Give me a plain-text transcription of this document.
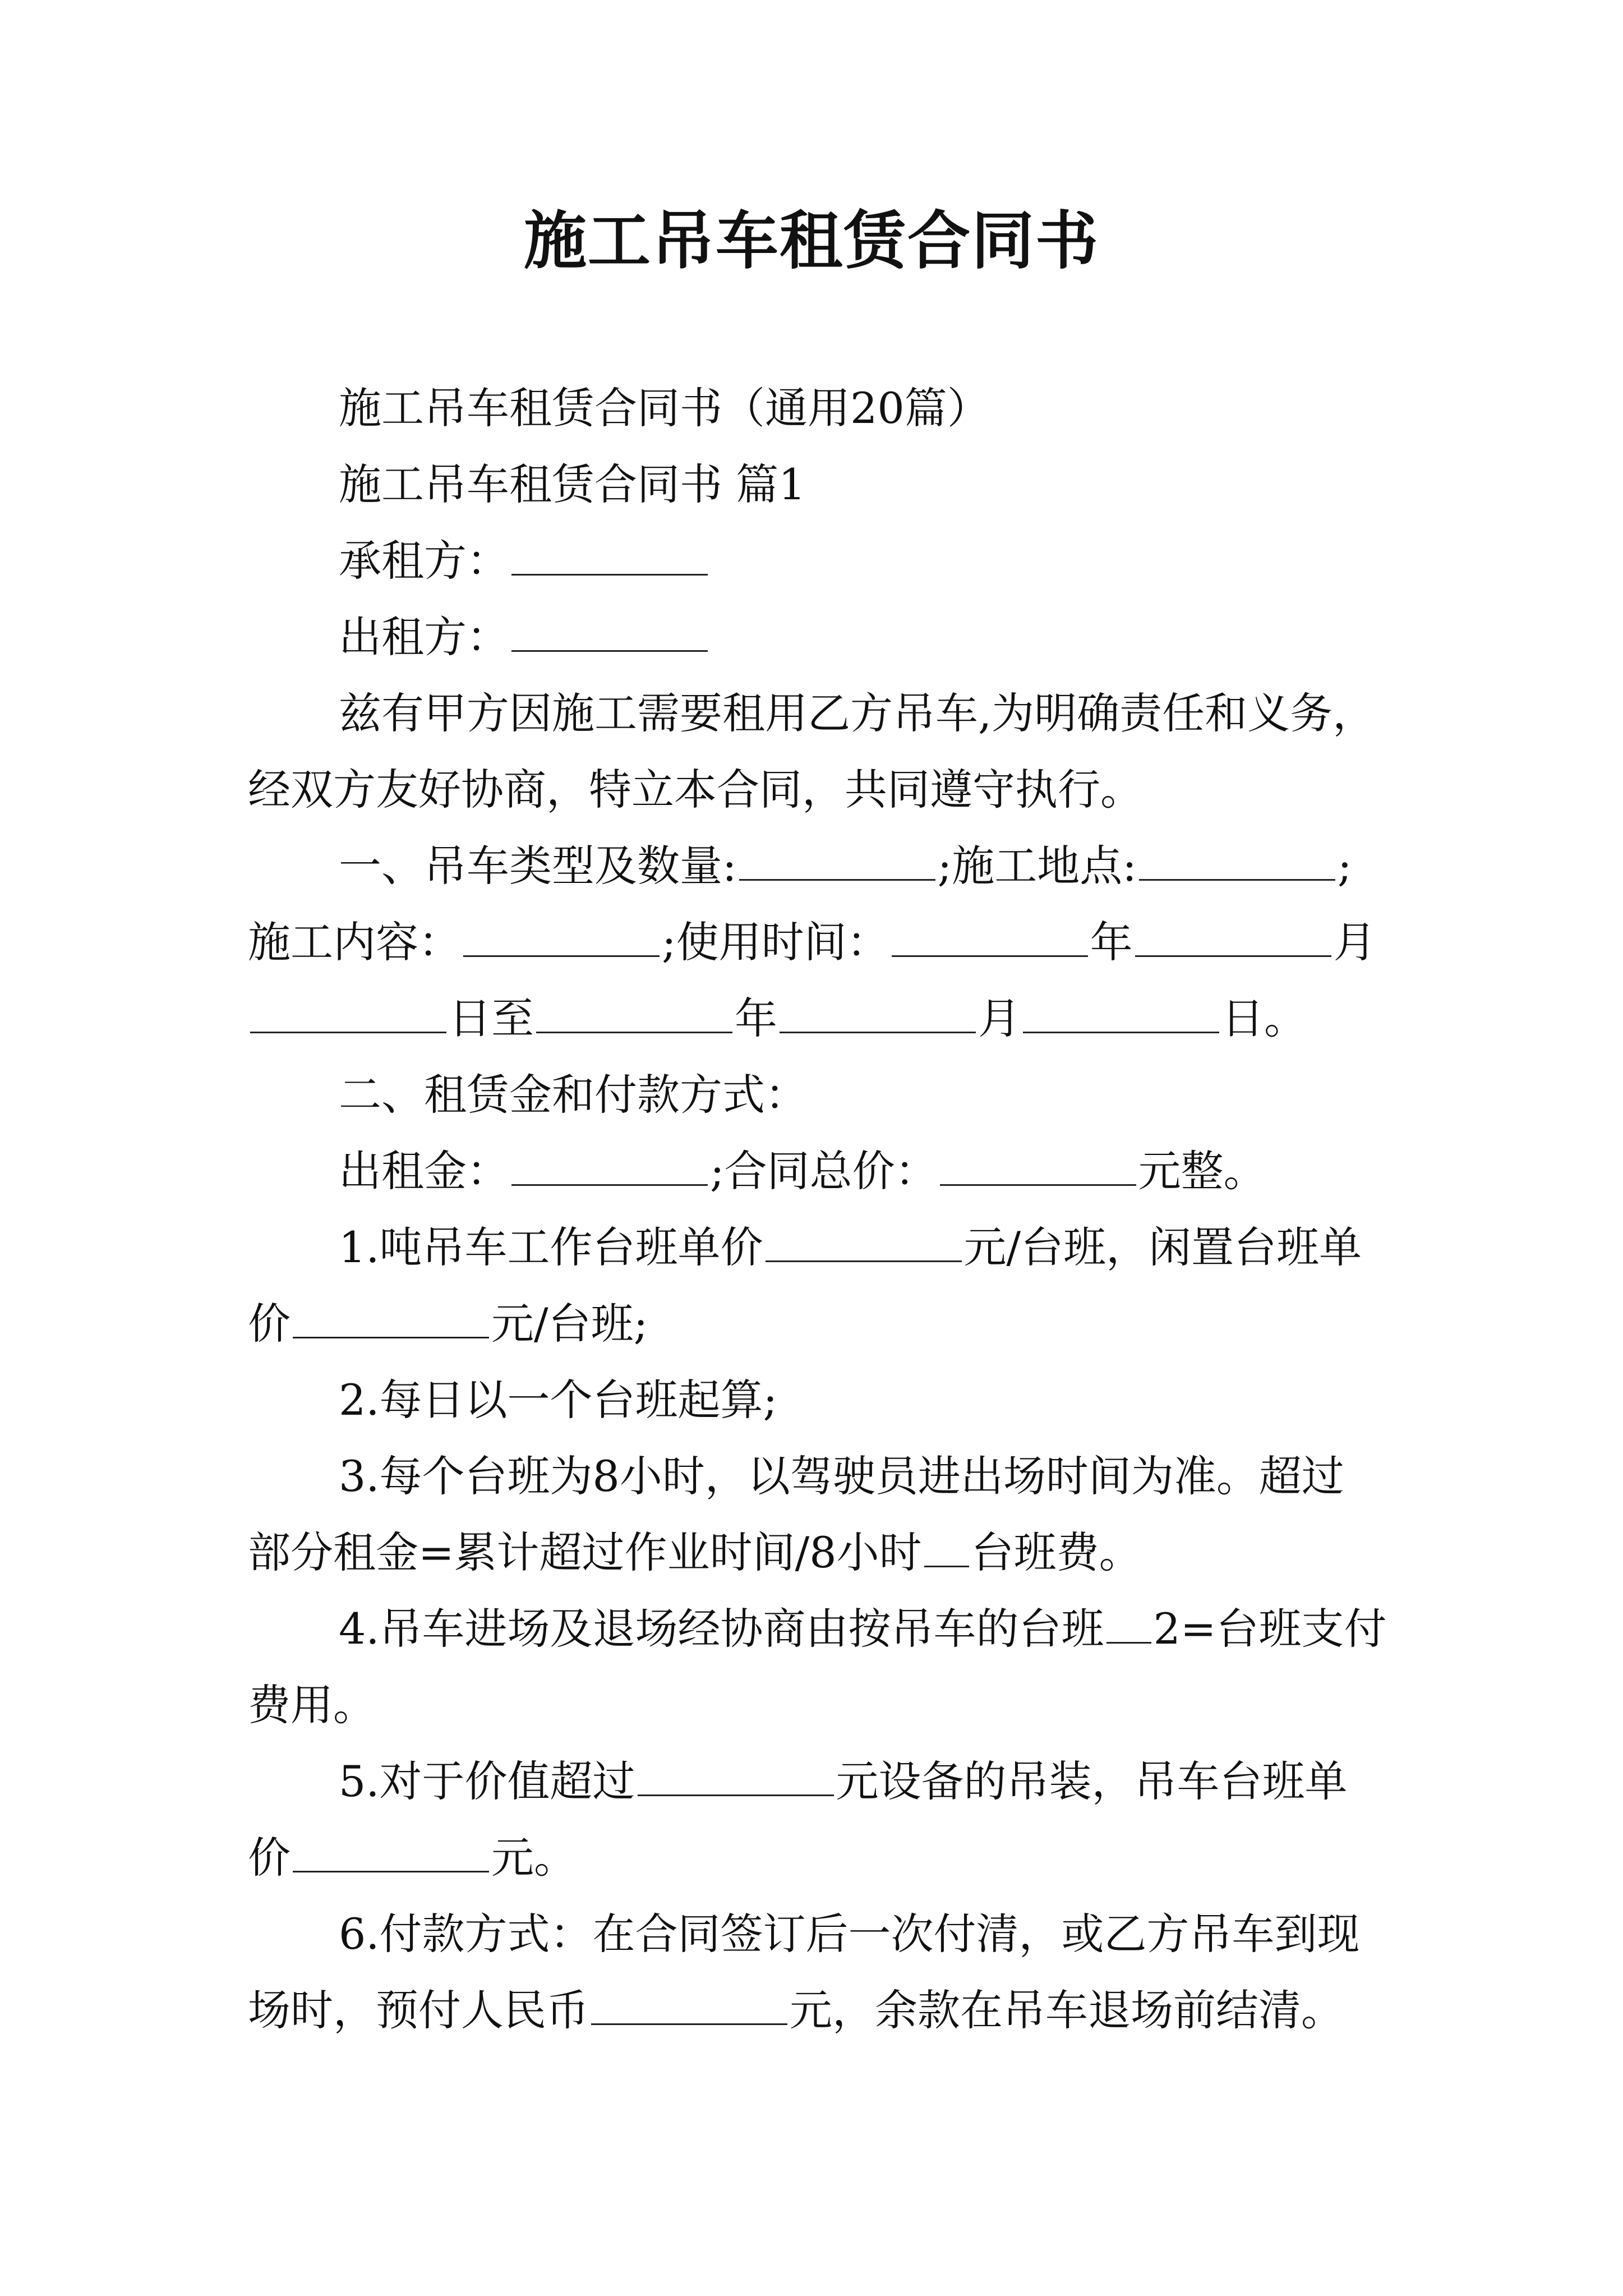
施工吊车租赁合同书
施工吊车租赁合同书（通用20篇）
施工吊车租赁合同书 篇1
承租方：
出租方：
兹有甲方因施工需要租用乙方吊车,为明确责任和义务，
经双方友好协商，特立本合同，共同遵守执行。
一、吊车类型及数量:	;施工地点:	;
施工内容：	;使用时间：	年	月
日至	年	月	日。
二、租赁金和付款方式：
出租金：	;合同总价：	元整。
1.吨吊车工作台班单价	元/台班，闲置台班单
价	元/台班;
2.每日以一个台班起算;
3.每个台班为8小时，以驾驶员进出场时间为准。超过
部分租金=累计超过作业时间/8小时 台班费。
4.吊车进场及退场经协商由按吊车的台班 2=台班支付
费用。
5.对于价值超过	元设备的吊装，吊车台班单
价	元。
6.付款方式：在合同签订后一次付清，或乙方吊车到现
场时，预付人民币	元，余款在吊车退场前结清。
